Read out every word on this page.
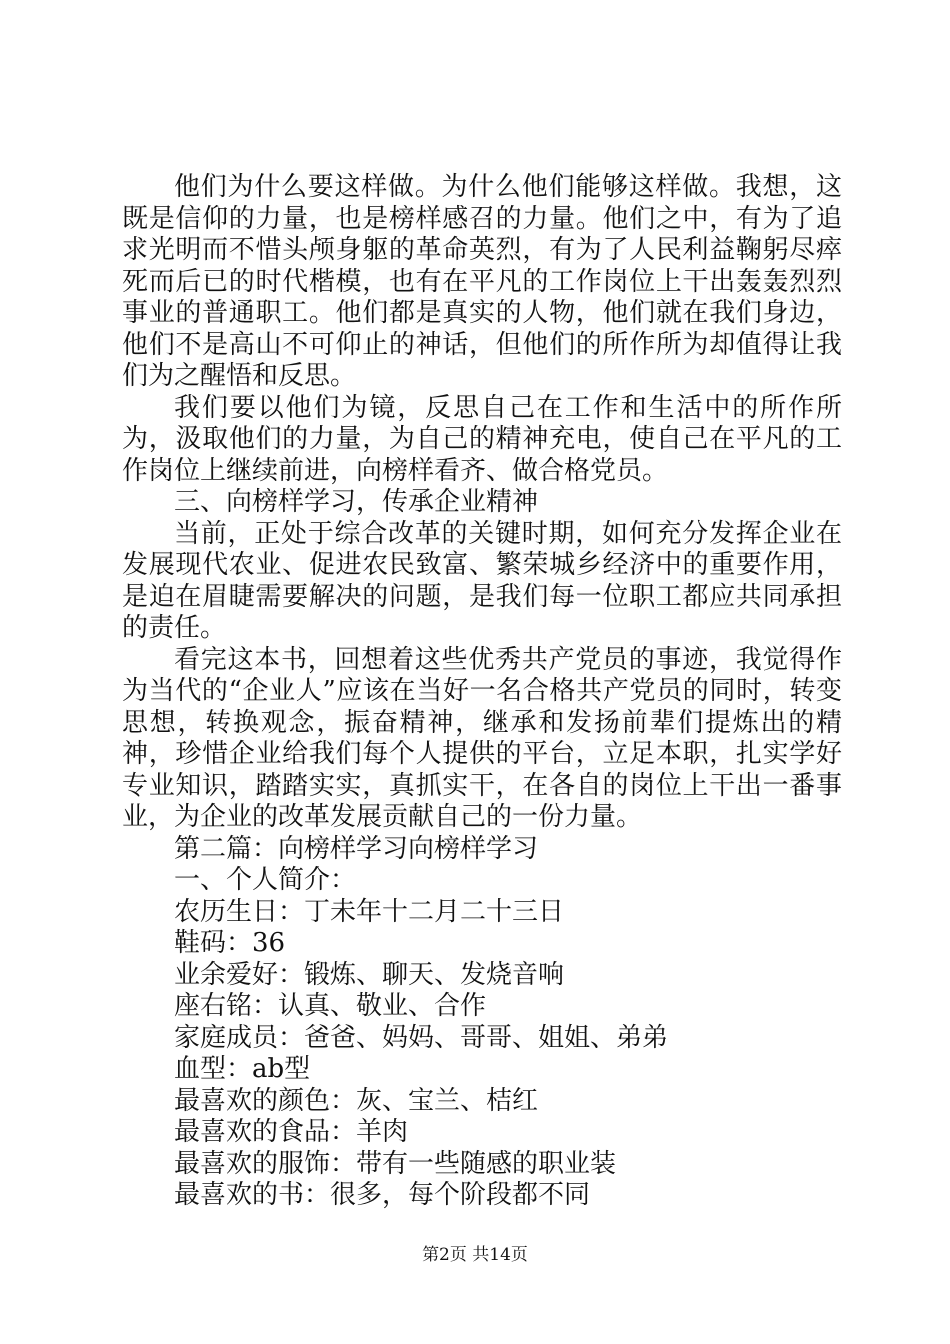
他们为什么要这样做。为什么他们能够这样做。我想，这既是信仰的力量，也是榜样感召的力量。他们之中，有为了追求光明而不惜头颅身躯的革命英烈，有为了人民利益鞠躬尽瘁死而后已的时代楷模，也有在平凡的工作岗位上干出轰轰烈烈事业的普通职工。他们都是真实的人物，他们就在我们身边，他们不是高山不可仰止的神话，但他们的所作所为却值得让我们为之醒悟和反思。

我们要以他们为镜，反思自己在工作和生活中的所作所为，汲取他们的力量，为自己的精神充电，使自己在平凡的工作岗位上继续前进，向榜样看齐、做合格党员。

三、向榜样学习，传承企业精神

当前，正处于综合改革的关键时期，如何充分发挥企业在发展现代农业、促进农民致富、繁荣城乡经济中的重要作用，是迫在眉睫需要解决的问题，是我们每一位职工都应共同承担的责任。

看完这本书，回想着这些优秀共产党员的事迹，我觉得作为当代的“企业人”应该在当好一名合格共产党员的同时，转变思想，转换观念，振奋精神，继承和发扬前辈们提炼出的精神，珍惜企业给我们每个人提供的平台，立足本职，扎实学好专业知识，踏踏实实，真抓实干，在各自的岗位上干出一番事业，为企业的改革发展贡献自己的一份力量。

第二篇：向榜样学习向榜样学习

一、个人简介：

农历生日：丁未年十二月二十三日

鞋码：36

业余爱好：锻炼、聊天、发烧音响

座右铭：认真、敬业、合作

家庭成员：爸爸、妈妈、哥哥、姐姐、弟弟

血型：ab型

最喜欢的颜色：灰、宝兰、桔红

最喜欢的食品：羊肉

最喜欢的服饰：带有一些随感的职业装

最喜欢的书：很多，每个阶段都不同

第2页 共14页
